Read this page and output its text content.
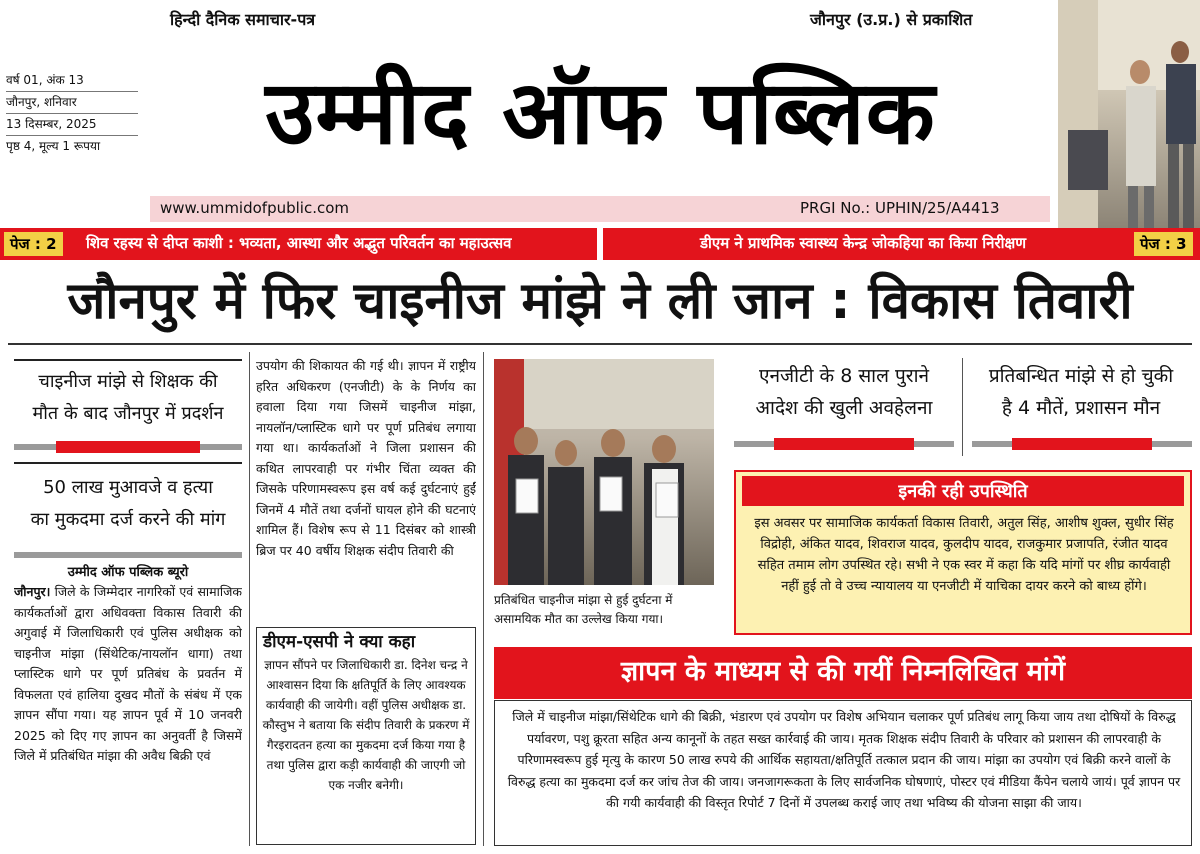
हिन्दी दैनिक समाचार-पत्र	जौनपुर (उ.प्र.) से प्रकाशित
वर्ष 01, अंक 13
जौनपुर, शनिवार
13 दिसम्बर, 2025
पृष्ठ 4, मूल्य 1 रूपया	उम्मीद ऑफ पब्लिक
www.ummidofpublic.com	PRGI No.: UPHIN/25/A4413
पेज : 2	शिव रहस्य से दीप्त काशी : भव्यता, आस्था और अद्भुत परिवर्तन का महाउत्सव	डीएम ने प्राथमिक स्वास्थ्य केन्द्र जोकहिया का किया निरीक्षण	पेज : 3
जौनपुर में फिर चाइनीज मांझे ने ली जान : विकास तिवारी
चाइनीज मांझे से शिक्षक की
मौत के बाद जौनपुर में प्रदर्शन
50 लाख मुआवजे व हत्या
का मुकदमा दर्ज करने की मांग
उम्मीद ऑफ पब्लिक ब्यूरो
जौनपुर। जिले के जिम्मेदार नागरिकों एवं सामाजिक कार्यकर्ताओं द्वारा अधिवक्ता विकास तिवारी की अगुवाई में जिलाधिकारी एवं पुलिस अधीक्षक को चाइनीज मांझा (सिंथेटिक/नायलॉन धागा) तथा प्लास्टिक धागे पर पूर्ण प्रतिबंध के प्रवर्तन में विफलता एवं हालिया दुखद मौतों के संबंध में एक ज्ञापन सौंपा गया। यह ज्ञापन पूर्व में 10 जनवरी 2025 को दिए गए ज्ञापन का अनुवर्ती है जिसमें जिले में प्रतिबंधित मांझा की अवैध बिक्री एवं
उपयोग की शिकायत की गई थी। ज्ञापन में राष्ट्रीय हरित अधिकरण (एनजीटी) के के निर्णय का हवाला दिया गया जिसमें चाइनीज मांझा, नायलॉन/प्लास्टिक धागे पर पूर्ण प्रतिबंध लगाया गया था। कार्यकर्ताओं ने जिला प्रशासन की कथित लापरवाही पर गंभीर चिंता व्यक्त की जिसके परिणामस्वरूप इस वर्ष कई दुर्घटनाएं हुईं जिनमें 4 मौतें तथा दर्जनों घायल होने की घटनाएं शामिल हैं। विशेष रूप से 11 दिसंबर को शास्त्री ब्रिज पर 40 वर्षीय शिक्षक संदीप तिवारी की
डीएम-एसपी ने क्या कहा
ज्ञापन सौंपने पर जिलाधिकारी डा. दिनेश चन्द्र ने आश्वासन दिया कि क्षतिपूर्ति के लिए आवश्यक कार्यवाही की जायेगी। वहीं पुलिस अधीक्षक डा. कौस्तुभ ने बताया कि संदीप तिवारी के प्रकरण में गैरइरादतन हत्या का मुकदमा दर्ज किया गया है तथा पुलिस द्वारा कड़ी कार्यवाही की जाएगी जो एक नजीर बनेगी।
प्रतिबंधित चाइनीज मांझा से हुई दुर्घटना में असामयिक मौत का उल्लेख किया गया।
एनजीटी के 8 साल पुराने
आदेश की खुली अवहेलना
प्रतिबन्धित मांझे से हो चुकी
है 4 मौतें, प्रशासन मौन
इनकी रही उपस्थिति
इस अवसर पर सामाजिक कार्यकर्ता विकास तिवारी, अतुल सिंह, आशीष शुक्ल, सुधीर सिंह विद्रोही, अंकित यादव, शिवराज यादव, कुलदीप यादव, राजकुमार प्रजापति, रंजीत यादव सहित तमाम लोग उपस्थित रहे। सभी ने एक स्वर में कहा कि यदि मांगों पर शीघ्र कार्यवाही नहीं हुई तो वे उच्च न्यायालय या एनजीटी में याचिका दायर करने को बाध्य होंगे।
ज्ञापन के माध्यम से की गयीं निम्नलिखित मांगें
जिले में चाइनीज मांझा/सिंथेटिक धागे की बिक्री, भंडारण एवं उपयोग पर विशेष अभियान चलाकर पूर्ण प्रतिबंध लागू किया जाय तथा दोषियों के विरुद्ध पर्यावरण, पशु क्रूरता सहित अन्य कानूनों के तहत सख्त कार्रवाई की जाय। मृतक शिक्षक संदीप तिवारी के परिवार को प्रशासन की लापरवाही के परिणामस्वरूप हुई मृत्यु के कारण 50 लाख रुपये की आर्थिक सहायता/क्षतिपूर्ति तत्काल प्रदान की जाय। मांझा का उपयोग एवं बिक्री करने वालों के विरुद्ध हत्या का मुकदमा दर्ज कर जांच तेज की जाय। जनजागरूकता के लिए सार्वजनिक घोषणाएं, पोस्टर एवं मीडिया कैंपेन चलाये जायं। पूर्व ज्ञापन पर की गयी कार्यवाही की विस्तृत रिपोर्ट 7 दिनों में उपलब्ध कराई जाए तथा भविष्य की योजना साझा की जाय।
